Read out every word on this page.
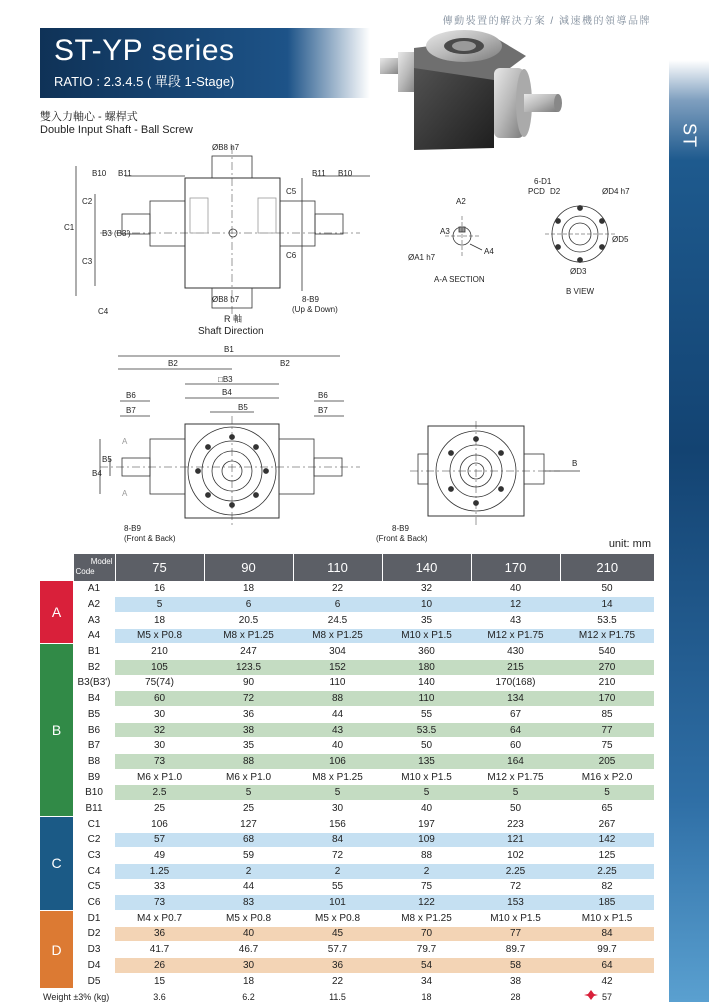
傳動裝置的解決方案 / 減速機的領導品牌
ST
ST-YP series
RATIO : 2.3.4.5 ( 單段 1-Stage)
雙入力軸心 - 螺桿式
Double Input Shaft - Ball Screw
ØB8 h7
B10 B11	B11 B10
C1
C2
C3
B3 (B3')
C4
C5
C6
ØB8 h7	8-B9
(Up & Down)
R 軸
Shaft Direction
A2
A3
A4
ØA1 h7
A-A SECTION
6-D1
PCD D2	ØD4 h7
ØD5
ØD3
B VIEW
B1
B2	B2
□B3
B4
B5
B6
B7
B6
B7
B4
B5
8-B9
(Front & Back)
A
A
B
8-B9
(Front & Back)	unit: mm

	Model
Code	75	90	110	140	170	210
A	A1	16	18	22	32	40	50
	A2	5	6	6	10	12	14
	A3	18	20.5	24.5	35	43	53.5
	A4	M5 x P0.8	M8 x P1.25	M8 x P1.25	M10 x P1.5	M12 x P1.75	M12 x P1.75
B	B1	210	247	304	360	430	540
	B2	105	123.5	152	180	215	270
	B3(B3')	75(74)	90	110	140	170(168)	210
	B4	60	72	88	110	134	170
	B5	30	36	44	55	67	85
	B6	32	38	43	53.5	64	77
	B7	30	35	40	50	60	75
	B8	73	88	106	135	164	205
	B9	M6 x P1.0	M6 x P1.0	M8 x P1.25	M10 x P1.5	M12 x P1.75	M16 x P2.0
	B10	2.5	5	5	5	5	5
	B11	25	25	30	40	50	65
C	C1	106	127	156	197	223	267
	C2	57	68	84	109	121	142
	C3	49	59	72	88	102	125
	C4	1.25	2	2	2	2.25	2.25
	C5	33	44	55	75	72	82
	C6	73	83	101	122	153	185
D	D1	M4 x P0.7	M5 x P0.8	M5 x P0.8	M8 x P1.25	M10 x P1.5	M10 x P1.5
	D2	36	40	45	70	77	84
	D3	41.7	46.7	57.7	79.7	89.7	99.7
	D4	26	30	36	54	58	64
	D5	15	18	22	34	38	42
Weight ±3% (kg)		3.6	6.2	11.5	18	28	57
